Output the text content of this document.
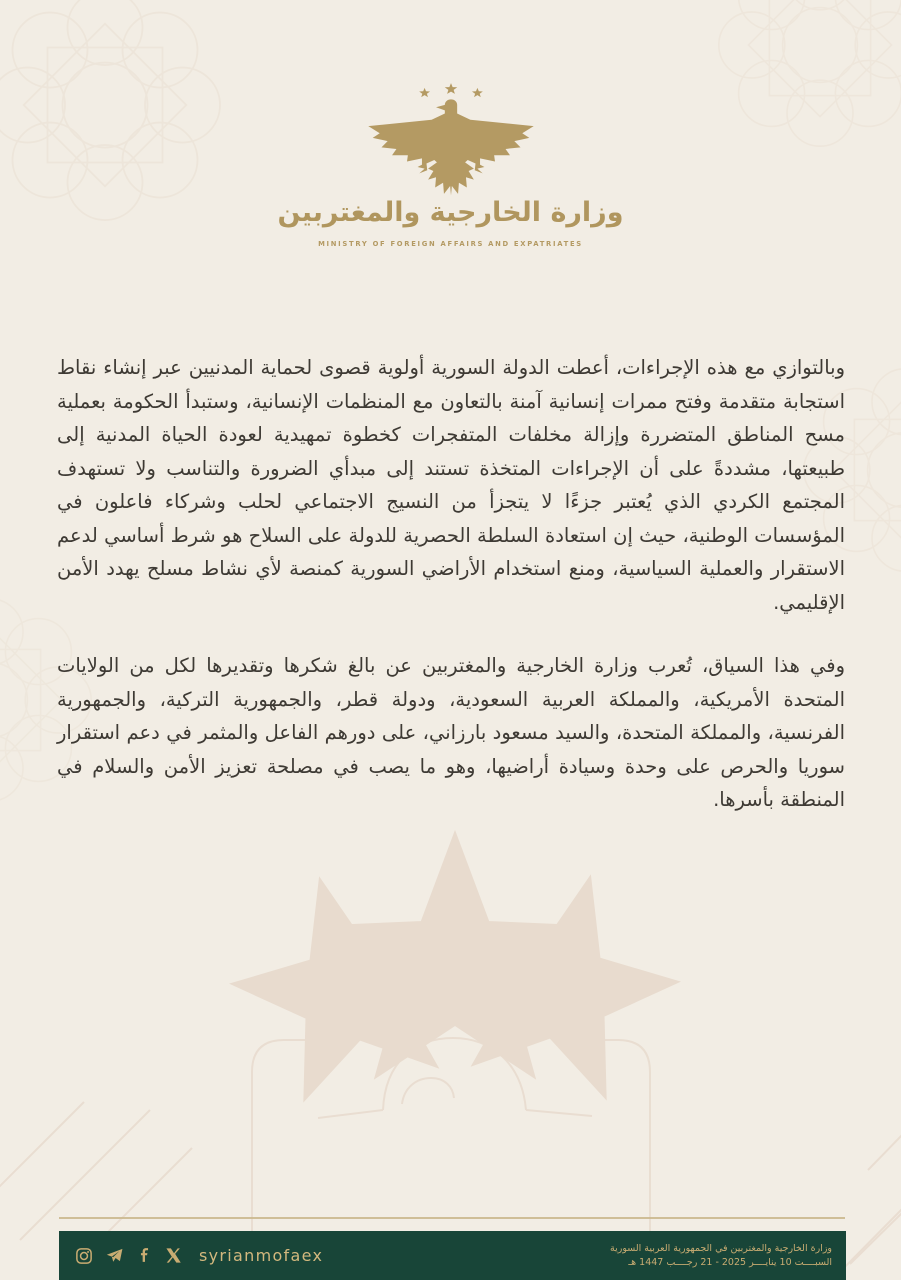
وزارة الخارجية والمغتربين
MINISTRY OF FOREIGN AFFAIRS AND EXPATRIATES

وبالتوازي مع هذه الإجراءات، أعطت الدولة السورية أولوية قصوى لحماية المدنيين عبر إنشاء نقاط استجابة متقدمة وفتح ممرات إنسانية آمنة بالتعاون مع المنظمات الإنسانية، وستبدأ الحكومة بعملية مسح المناطق المتضررة وإزالة مخلفات المتفجرات كخطوة تمهيدية لعودة الحياة المدنية إلى طبيعتها، مشددةً على أن الإجراءات المتخذة تستند إلى مبدأي الضرورة والتناسب ولا تستهدف المجتمع الكردي الذي يُعتبر جزءًا لا يتجزأ من النسيج الاجتماعي لحلب وشركاء فاعلون في المؤسسات الوطنية، حيث إن استعادة السلطة الحصرية للدولة على السلاح هو شرط أساسي لدعم الاستقرار والعملية السياسية، ومنع استخدام الأراضي السورية كمنصة لأي نشاط مسلح يهدد الأمن الإقليمي.

وفي هذا السياق، تُعرب وزارة الخارجية والمغتربين عن بالغ شكرها وتقديرها لكل من الولايات المتحدة الأمريكية، والمملكة العربية السعودية، ودولة قطر، والجمهورية التركية، والجمهورية الفرنسية، والمملكة المتحدة، والسيد مسعود بارزاني، على دورهم الفاعل والمثمر في دعم استقرار سوريا والحرص على وحدة وسيادة أراضيها، وهو ما يصب في مصلحة تعزيز الأمن والسلام في المنطقة بأسرها.

syrianmofaex	وزارة الخارجية والمغتربين في الجمهورية العربية السورية
السبــــت 10 ينايــــر 2025 - 21 رجــــب 1447 هـ
